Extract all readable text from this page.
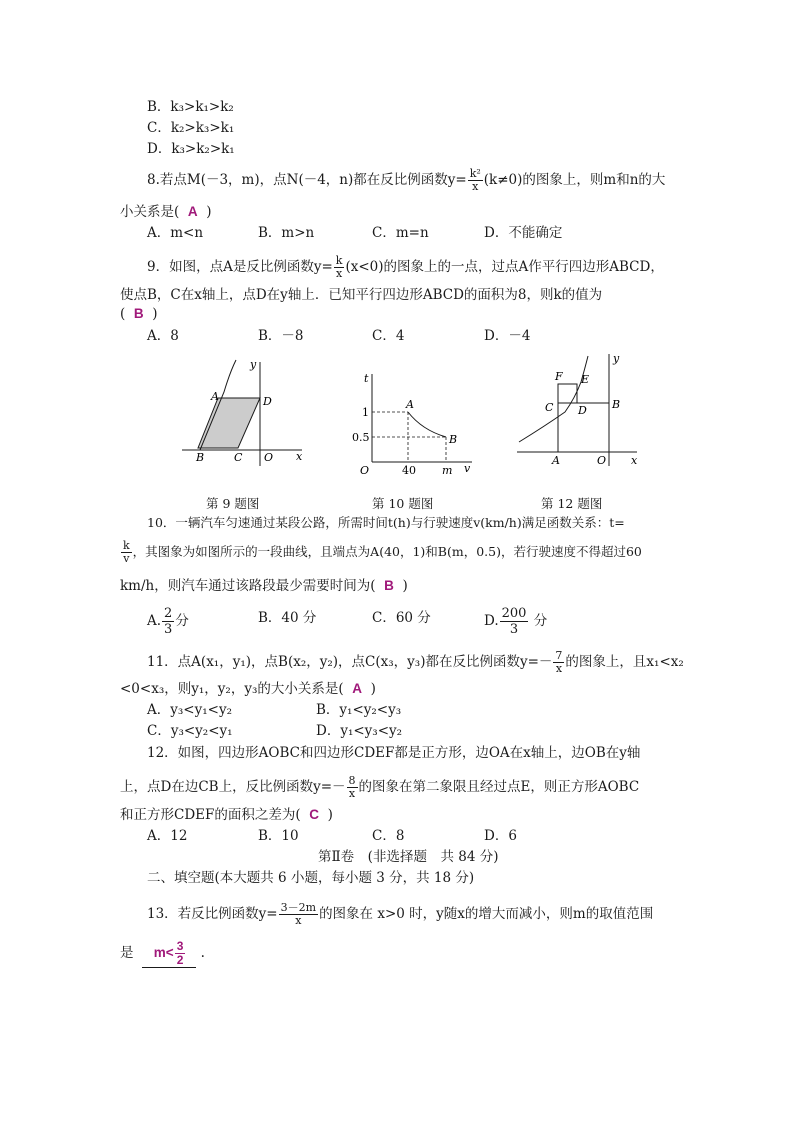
B．k₃>k₁>k₂
C．k₂>k₃>k₁
D．k₃>k₂>k₁
8.若点M(－3，m)，点N(－4，n)都在反比例函数$y= \frac{\text{k²}}{x} (k\ne 0)$的图象上，则m和n的大
小关系是( A )
A．m<n	B．m>n	C．m=n	D．不能确定
9．如图，点A是反比例函数$y= \frac{k}{x} (x<0)$的图象上的一点，过点A作平行四边形ABCD，
使点B，C在x轴上，点D在y轴上．已知平行四边形ABCD的面积为8，则k的值为
( B )
A．8	B．－8	C．4	D．－4
A	D
B	C O x
y
t
1
0.5
A
B
O	40 m v
F E
C D B
A	O x
y
第 9 题图	第 10 题图	第 12 题图
10．一辆汽车匀速通过某段公路，所需时间t(h)与行驶速度v(km/h)满足函数关系：t=
$\frac{k}{v}$ ，其图象为如图所示的一段曲线，且端点为A(40，1)和B(m，0.5)，若行驶速度不得超过60
km/h，则汽车通过该路段最少需要时间为( B )
A. $\frac{2}{3}$ 分	B．40 分	C．60 分	D. $\frac{200}{3}$ 分
11．点A(x₁，y₁)，点B(x₂，y₂)，点C(x₃，y₃)都在反比例函数$y=- \frac{7}{x}$ 的图象上，且x₁<x₂
<0<x₃，则y₁，y₂，y₃的大小关系是( A )
A．y₃<y₁<y₂	B．y₁<y₂<y₃
C．y₃<y₂<y₁	D．y₁<y₃<y₂
12．如图，四边形AOBC和四边形CDEF都是正方形，边OA在x轴上，边OB在y轴
上，点D在边CB上，反比例函数$y=- \frac{8}{x}$ 的图象在第二象限且经过点E，则正方形AOBC
和正方形CDEF的面积之差为( C )
A．12	B．10	C．8	D．6
第Ⅱ卷　(非选择题　共 84 分)
二、填空题(本大题共 6 小题，每小题 3 分，共 18 分)
13．若反比例函数$y= \frac{3-2m}{x}$ 的图象在 x>0 时，y随x的增大而减小，则m的取值范围
是 $m< \frac{3}{2}$ .
